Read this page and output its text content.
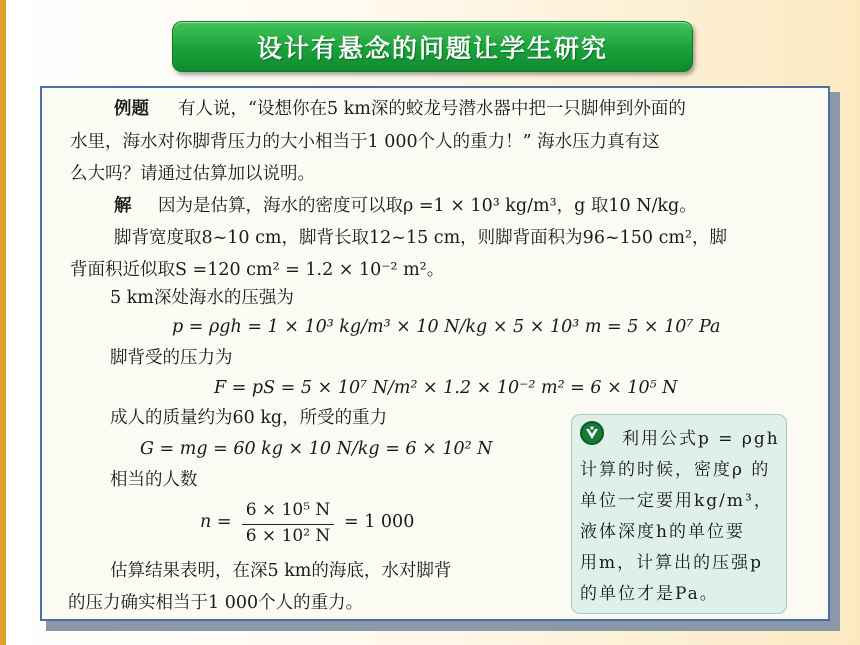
设计有悬念的问题让学生研究
例题 有人说，“设想你在5 km深的蛟龙号潜水器中把一只脚伸到外面的
水里，海水对你脚背压力的大小相当于1 000个人的重力！” 海水压力真有这
么大吗？请通过估算加以说明。
解 因为是估算，海水的密度可以取ρ =1 × 10³ kg/m³，g 取10 N/kg。
脚背宽度取8~10 cm，脚背长取12~15 cm，则脚背面积为96~150 cm²，脚
背面积近似取S =120 cm² = 1.2 × 10⁻² m²。
5 km深处海水的压强为
p = ρgh = 1 × 10³ kg/m³ × 10 N/kg × 5 × 10³ m = 5 × 10⁷ Pa
脚背受的压力为
F = pS = 5 × 10⁷ N/m² × 1.2 × 10⁻² m² = 6 × 10⁵ N
成人的质量约为60 kg，所受的重力
G = mg = 60 kg × 10 N/kg = 6 × 10² N
相当的人数
n =
6 × 10⁵ N
6 × 10² N
= 1 000
估算结果表明，在深5 km的海底，水对脚背
的压力确实相当于1 000个人的重力。
利用公式p = ρgh
计算的时候，密度ρ 的
单位一定要用kg/m³，
液体深度h的单位要
用m，计算出的压强p
的单位才是Pa。
